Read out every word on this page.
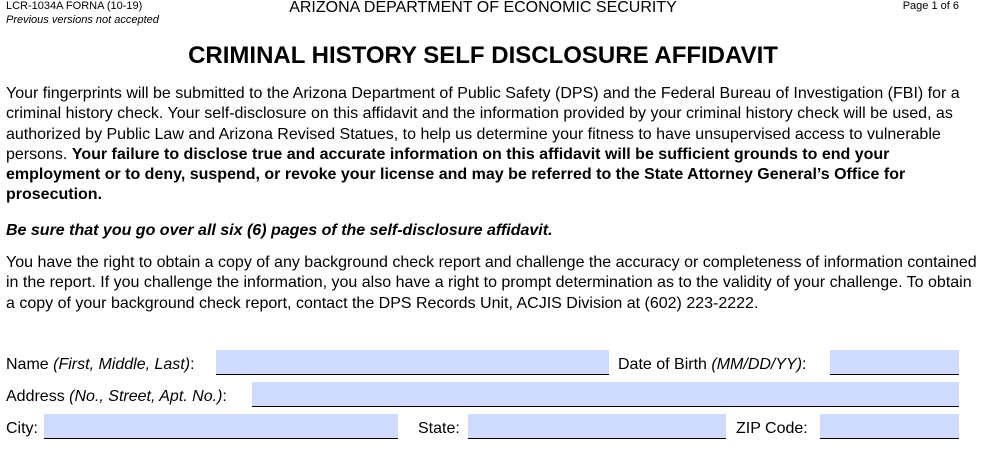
LCR-1034A FORNA (10-19)
Previous versions not accepted
ARIZONA DEPARTMENT OF ECONOMIC SECURITY	Page 1 of 6
CRIMINAL HISTORY SELF DISCLOSURE AFFIDAVIT
Your fingerprints will be submitted to the Arizona Department of Public Safety (DPS) and the Federal Bureau of Investigation (FBI) for a criminal history check. Your self-disclosure on this affidavit and the information provided by your criminal history check will be used, as authorized by Public Law and Arizona Revised Statues, to help us determine your fitness to have unsupervised access to vulnerable persons. Your failure to disclose true and accurate information on this affidavit will be sufficient grounds to end your employment or to deny, suspend, or revoke your license and may be referred to the State Attorney General’s Office for prosecution.
Be sure that you go over all six (6) pages of the self-disclosure affidavit.
You have the right to obtain a copy of any background check report and challenge the accuracy or completeness of information contained in the report. If you challenge the information, you also have a right to prompt determination as to the validity of your challenge. To obtain a copy of your background check report, contact the DPS Records Unit, ACJIS Division at (602) 223-2222.
Name (First, Middle, Last):	Date of Birth (MM/DD/YY):
Address (No., Street, Apt. No.):
City:	State:	ZIP Code:
